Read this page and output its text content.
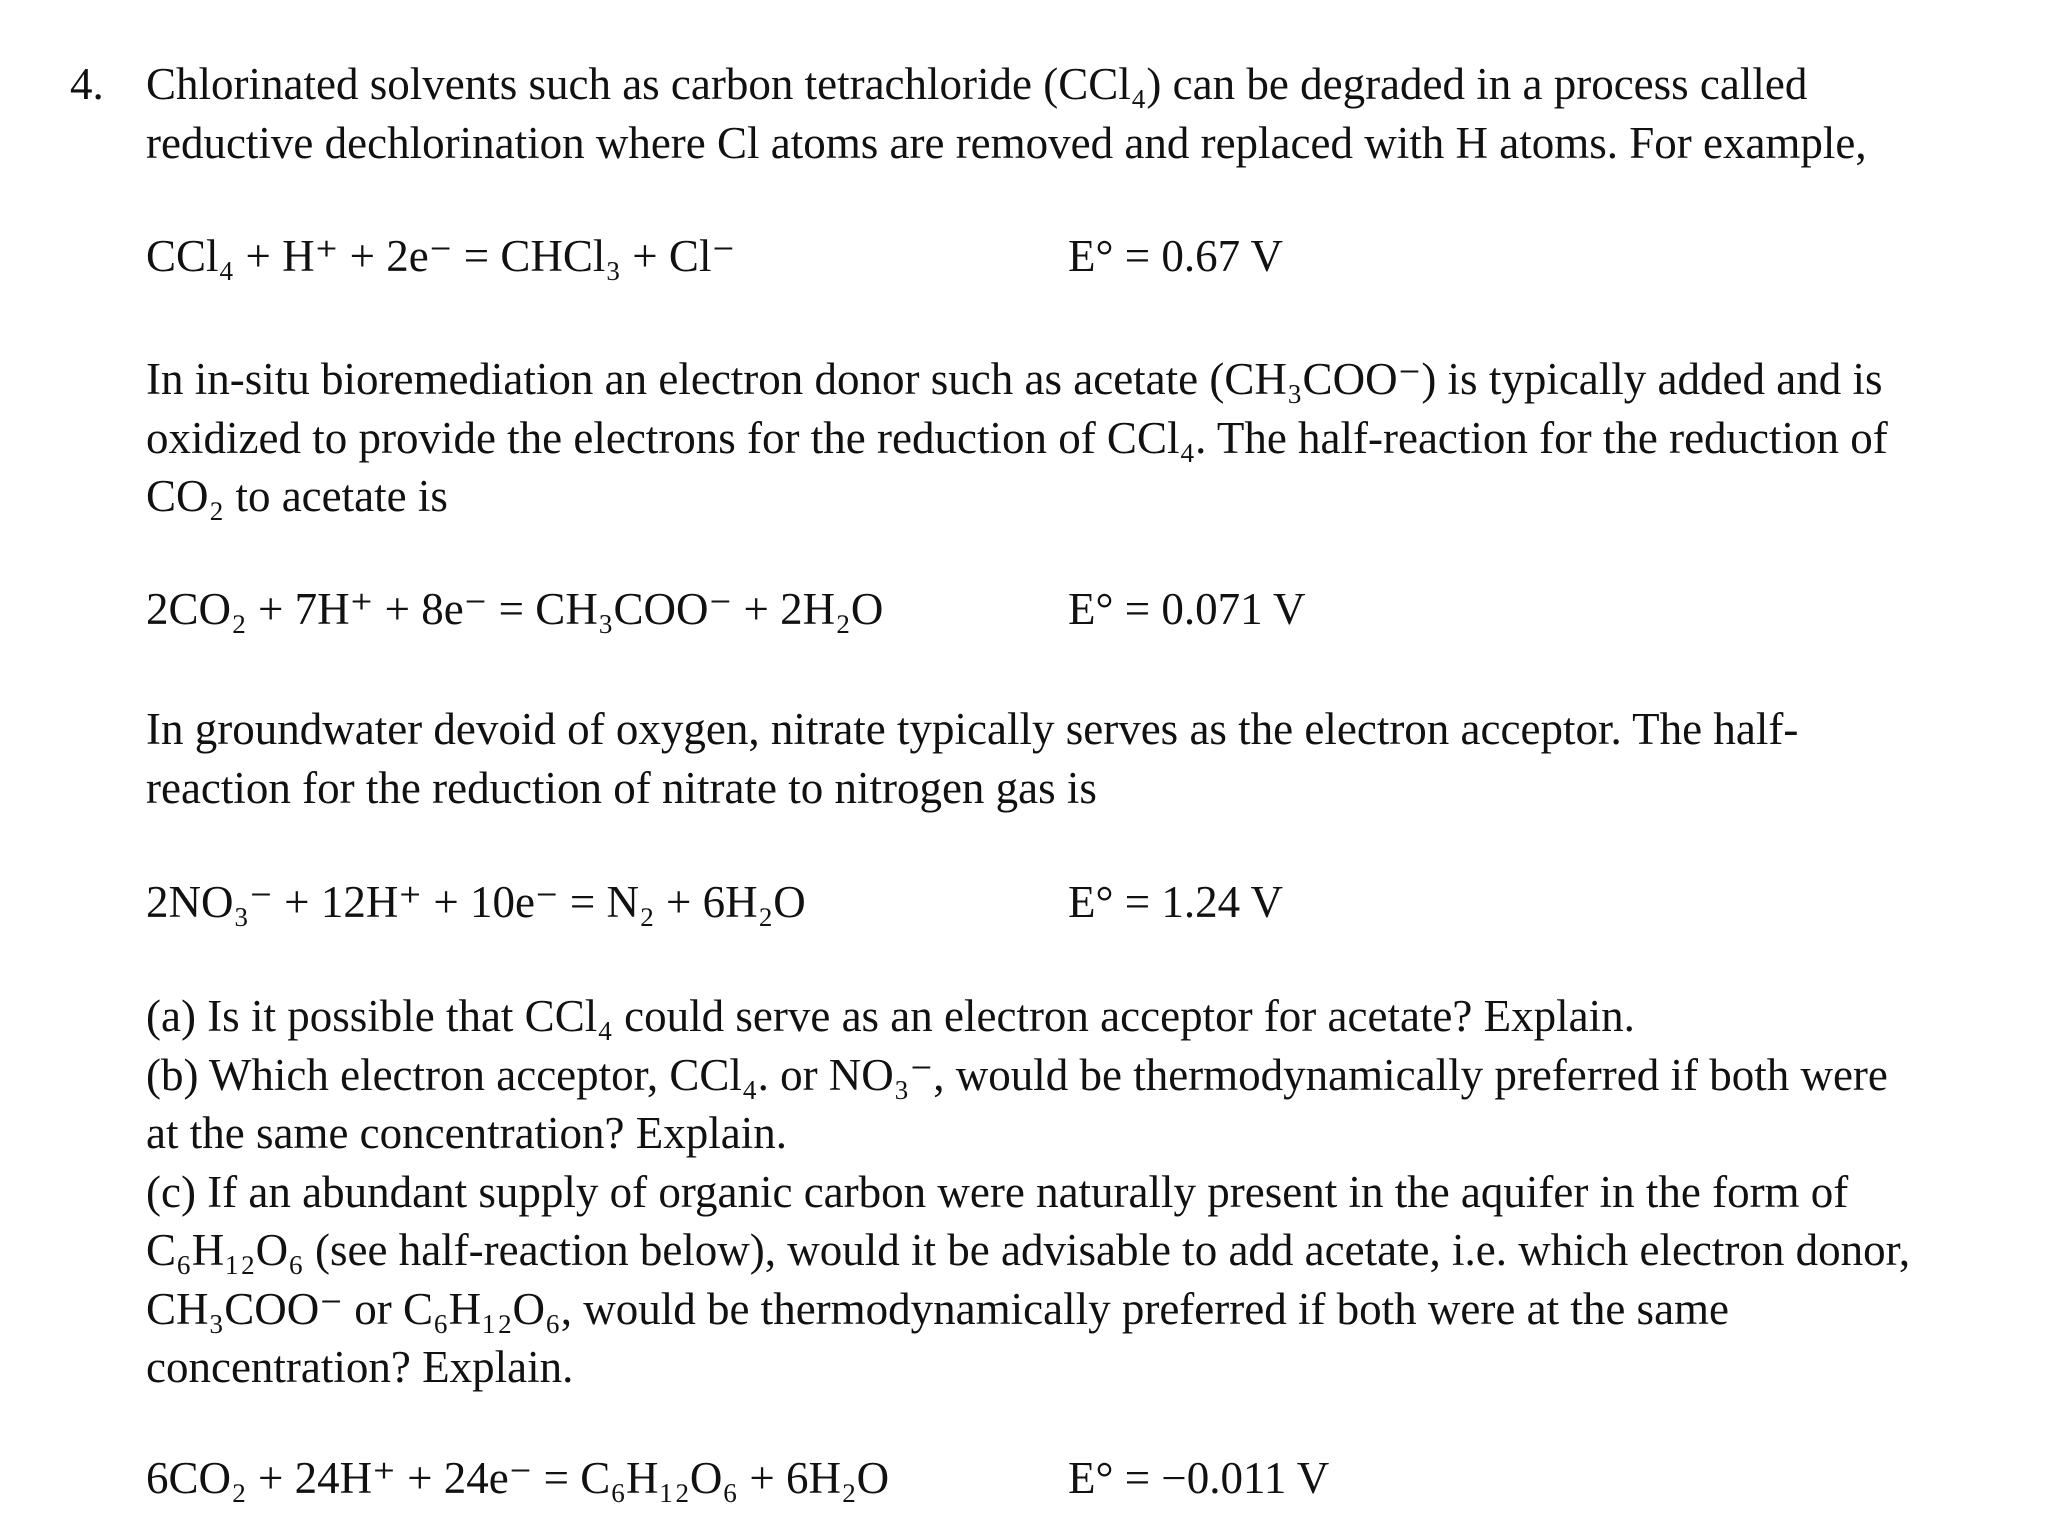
4. Chlorinated solvents such as carbon tetrachloride (CCl₄) can be degraded in a process called
reductive dechlorination where Cl atoms are removed and replaced with H atoms. For example,
CCl₄ + H⁺ + 2e⁻ = CHCl₃ + Cl⁻	E° = 0.67 V
In in-situ bioremediation an electron donor such as acetate (CH₃COO⁻) is typically added and is
oxidized to provide the electrons for the reduction of CCl₄. The half-reaction for the reduction of
CO₂ to acetate is
2CO₂ + 7H⁺ + 8e⁻ = CH₃COO⁻ + 2H₂O	E° = 0.071 V
In groundwater devoid of oxygen, nitrate typically serves as the electron acceptor. The half-
reaction for the reduction of nitrate to nitrogen gas is
2NO₃⁻ + 12H⁺ + 10e⁻ = N₂ + 6H₂O	E° = 1.24 V
(a) Is it possible that CCl₄ could serve as an electron acceptor for acetate? Explain.
(b) Which electron acceptor, CCl₄. or NO₃⁻, would be thermodynamically preferred if both were
at the same concentration? Explain.
(c) If an abundant supply of organic carbon were naturally present in the aquifer in the form of
C₆H₁₂O₆ (see half-reaction below), would it be advisable to add acetate, i.e. which electron donor,
CH₃COO⁻ or C₆H₁₂O₆, would be thermodynamically preferred if both were at the same
concentration? Explain.
6CO₂ + 24H⁺ + 24e⁻ = C₆H₁₂O₆ + 6H₂O	E° = −0.011 V
